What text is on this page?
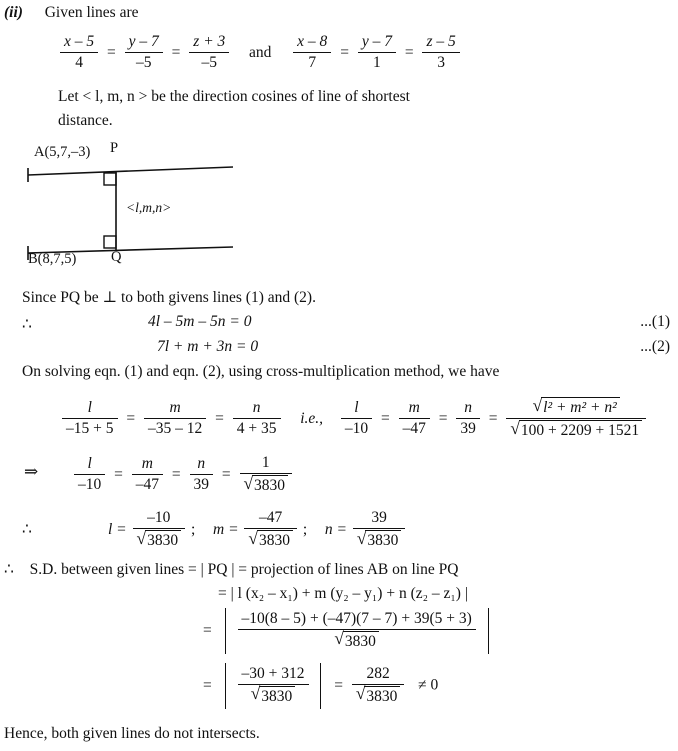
(ii) Given lines are
$\frac{x - 5}{4} = \frac{y - 7}{-5} = \frac{z + 3}{-5}$ and $\frac{x - 8}{7} = \frac{y - 7}{1} = \frac{z - 5}{3}$
Let < l, m, n > be the direction cosines of line of shortest
distance.
A(5,7,–3) P
B(8,7,5) Q
<l,m,n>
Since PQ be ⊥ to both givens lines (1) and (2).
∴	4l – 5m – 5n = 0	...(1)
7l + m + 3n = 0	...(2)
On solving eqn. (1) and eqn. (2), using cross-multiplication method, we have
$\frac{l}{-15 + 5} = \frac{m}{-35 - 12} = \frac{n}{4 + 35} i.e$., $\frac{l}{-10} = \frac{m}{-47} = \frac{n}{39} = \frac{\text{√l² + m² + n²}}{√100 + 2209 + 1521}$
⇒ $\frac{l}{-10} = \frac{m}{-47} = \frac{n}{39} = \frac{1}{√3830}$
∴	$l = \frac{-10}{√3830}$ ; $m = \frac{-47}{√3830}$ ; $n = \frac{39}{√3830}$
∴ S.D. between given lines = | PQ | = projection of lines AB on line PQ
= | l (x₂ – x₁) + m (y₂ – y₁) + n (z₂ – z₁) |
= $\frac{-10(8 - 5) + (-47)(7 - 7) + 39(5 + 3)}{√3830}$

= $\frac{-30 + 312}{√3830} = \frac{282}{√3830} \ne 0$
Hence, both given lines do not intersects.
